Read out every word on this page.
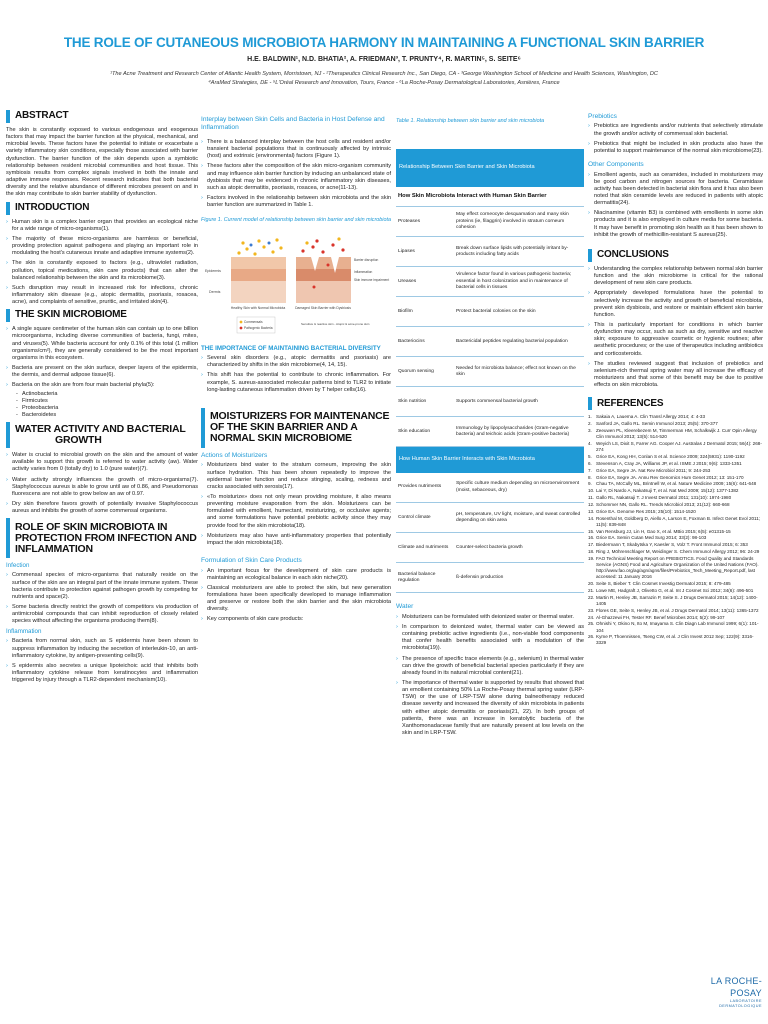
THE ROLE OF CUTANEOUS MICROBIOTA HARMONY IN MAINTAINING A FUNCTIONAL SKIN BARRIER
H.E. BALDWIN¹, N.D. BHATIA², A. FRIEDMAN³, T. PRUNTY⁴, R. MARTIN⁵, S. SEITE⁶
¹The Acne Treatment and Research Center of Atlantic Health System, Morristown, NJ - ²Therapeutics Clinical Research Inc., San Diego, CA - ³George Washington School of Medicine and Health Sciences, Washington, DC
⁴AraMed Strategies, DE - ⁵L'Oréal Research and Innovation, Tours, France - ⁶La Roche-Posay Dermatological Laboratories, Asnières, France
ABSTRACT

The skin is constantly exposed to various endogenous and exogenous factors that may impact the barrier function at the physical, mechanical, and microbial levels. These factors have the potential to initiate or exacerbate a variety inflammatory skin conditions, especially those associated with barrier dysfunction. The barrier function of the skin depends upon a symbiotic relationship between resident microbial communities and host tissue. This symbiosis results from complex signals involved in both the innate and adaptive immune responses. Recent research indicates that both bacterial diversity and the relative abundance of different microbes present on and in the skin may contribute to skin barrier stability of dysfunction.

INTRODUCTION
› Human skin is a complex barrier organ that provides an ecological niche for a wide range of micro-organisms(1).
› The majority of these micro-organisms are harmless or beneficial, providing protection against pathogens and playing an important role in modulating the host's cutaneous innate and adaptive immune systems(2).
› The skin is constantly exposed to factors (e.g., ultraviolet radiation, pollution, topical medications, skin care products) that can alter the balanced relationship between the skin and its microbiome(3).
› Such disruption may result in increased risk for infections, chronic inflammatory skin disease (e.g., atopic dermatitis, psoriasis, rosacea, acne), and complaints of sensitive, pruritic, and irritated skin(4).
THE SKIN MICROBIOME
› A single square centimeter of the human skin can contain up to one billion microorganisms, including diverse communities of bacteria, fungi, mites, and viruses(5). While bacteria account for only 0.1% of this total (1 million organisms/cm²), they are generally considered to be the most important organisms in this ecosystem.
› Bacteria are present on the skin surface, deeper layers of the epidermis, the dermis, and dermal adipose tissue(6).
› Bacteria on the skin are from four main bacterial phyla(5):
- Actinobacteria
- Firmicutes
- Proteobacteria
- Bacteroidetes
WATER ACTIVITY AND BACTERIAL
GROWTH
› Water is crucial to microbial growth on the skin and the amount of water available to support this growth is referred to water activity (aw). Water activity varies from 0 (totally dry) to 1.0 (pure water)(7).
› Water activity strongly influences the growth of micro-organisms(7). Staphylococcus aureus is able to grow until aw of 0.86, and Pseudomonas fluorescens are not able to grow below an aw of 0.97.
› Dry skin therefore favors growth of potentially invasive Staphylococcus aureus and inhibits the growth of some commensal organisms.
ROLE OF SKIN MICROBIOTA IN
PROTECTION FROM INFECTION AND
INFLAMMATION
Infection
› Commensal species of micro-organisms that naturally reside on the surface of the skin are an integral part of the innate immune system. These bacteria contribute to protection against pathogen growth by competing for nutrients and space(2).
› Some bacteria directly restrict the growth of competitors via production of antimicrobial compounds that can inhibit reproduction of closely related species without affecting the organisms producing them(8).
Inflammation
› Bacteria from normal skin, such as S epidermis have been shown to suppress inflammation by inducing the secretion of interleukin-10, an anti-inflammatory cytokine, by antigen-presenting cells(9).
› S epidermis also secretes a unique lipoteichoic acid that inhibits both inflammatory cytokine release from keratinocytes and inflammation triggered by injury through a TLR2-dependent mechanism(10).
Interplay between Skin Cells and Bacteria in Host Defense and Inflammation
› There is a balanced interplay between the host cells and resident and/or transient bacterial populations that is continuously affected by intrinsic (host) and extrinsic (environmental) factors (Figure 1).
› These factors alter the composition of the skin micro-organism community and may influence skin barrier function by inducing an unbalanced state of dysbiosis that may be evidenced in chronic inflammatory skin diseases, such as atopic dermatitis, psoriasis, rosacea, or acne(11-13).
› Factors involved in the relationship between skin microbiota and the skin barrier function are summarized in Table 1.
Figure 1. Current model of relationship between skin barrier and skin microbiota
Epidermis
Dermis
Barrier disruption
Inflammation
Skin immune impairment
Healthy Skin with Normal Microbiota	Damaged Skin Barrier with Dysbiosis
Commensals
Pathogenic Bacteria
Sensitive & reactive skin - Atopic & acne-prone skin
THE IMPORTANCE OF MAINTAINING BACTERIAL DIVERSITY
› Several skin disorders (e.g., atopic dermatitis and psoriasis) are characterized by shifts in the skin microbiome(4, 14, 15).
› This shift has the potential to contribute to chronic inflammation. For example, S. aureus-associated molecular patterns bind to TLR2 to initiate long-lasting cutaneous inflammation driven by T helper cells(16).
MOISTURIZERS FOR MAINTENANCE
OF THE SKIN BARRIER AND A
NORMAL SKIN MICROBIOME
Actions of Moisturizers
› Moisturizers bind water to the stratum corneum, improving the skin surface hydration. This has been shown repeatedly to improve the epidermal barrier function and reduce stinging, scaling, redness and cracks associated with xerosis(17).
› «To moisturize» does not only mean providing moisture, it also means preventing moisture evaporation from the skin. Moisturizers can be formulated with emollient, humectant, moisturizing, or occlusive agents; and some formulations have potential prebiotic activity since they may provide food for the skin microbiota(18).
› Moisturizers may also have anti-inflammatory properties that potentially impact the skin microbiota(18).
Formulation of Skin Care Products
› An important focus for the development of skin care products is maintaining an ecological balance in each skin niche(20).
› Classical moisturizers are able to protect the skin, but new generation formulations have been specifically developed to manage inflammation and preserve or restore both the skin barrier and the skin microbiota diversity.
› Key components of skin care products:
Table 1. Relationship between skin barrier and skin microbiota
Relationship Between Skin Barrier and Skin Microbiota	
How Skin Microbiota Interact with Human Skin Barrier	
Proteases	May effect corneocyte desquamation and many skin proteins (ie, filaggrin) involved in stratum corneum cohesion
Lipases	Break down surface lipids with potentially irritant by-products including fatty acids
Ureases	Virulence factor found in various pathogenic bacteria; essential in host colonization and in maintenance of bacterial cells in tissues
Biofilm	Protect bacterial colonies on the skin
Bacteriocins	Bactericidal peptides regulating bacterial population
Quorum sensing	Needed for microbiota balance; effect not known on the skin
Skin nutrition	Supports commensal bacterial growth
Skin education	Immunology by lipopolysaccharides (Gram-negative bacteria) and teichoic acids (Gram-positive bacteria)
How Human Skin Barrier Interacts with Skin Microbiota	
Provides nutriments	Specific culture medium depending on microenvironment (moist, sebaceous, dry)
Control climate	pH, temperature, UV light, moisture, and sweat controlled depending on skin area
Climate and nutriments	Counter-select bacteria growth
Bacterial balance regulation	ß-defensin production
Water
› Moisturizers can be formulated with deionized water or thermal water.
› In comparison to deionized water, thermal water can be viewed as containing prebiotic active ingredients (i.e., non-viable food components that confer health benefits associated with a modulation of the microbiota(19)).
› The presence of specific trace elements (e.g., selenium) in thermal water can drive the growth of beneficial bacterial species particularly if they are already found in its natural microbial content(21).
› The importance of thermal water is supported by results that showed that an emollient containing 50% La Roche-Posay thermal spring water (LRP-TSW) or the use of LRP-TSW alone during balneotherapy reduced disease severity and increased the diversity of skin microbiota in patients with either atopic dermatitis or psoriasis(21, 22). In both groups of patients, there was an increase in keratolytic bacteria of the Xanthomonadaceae family that are naturally present at low levels on the skin and in LRP-TSW.
Prebiotics
› Prebiotics are ingredients and/or nutrients that selectively stimulate the growth and/or activity of commensal skin bacterial.
› Prebiotics that might be included in skin products also have the potential to support maintenance of the normal skin microbiome(23).
Other Components
› Emollient agents, such as ceramides, included in moisturizers may be good carbon and nitrogen sources for bacteria. Ceramidase activity has been detected in bacterial skin flora and it has also been noted that skin ceramide levels are reduced in patients with atopic dermatitis(24).
› Niacinamine (vitamin B3) is combined with emollients in some skin products and it is also employed in culture media for some bacteria. It may have benefit in promoting skin health as it has been shown to inhibit the growth of methicillin-resistant S aureus(25).
CONCLUSIONS
› Understanding the complex relationship between normal skin barrier function and the skin microbiome is critical for the rational development of new skin care products.
› Appropriately developed formulations have the potential to selectively increase the activity and growth of beneficial microbiota, prevent skin dysbiosis, and restore or maintain efficient skin barrier function.
› This is particularly important for conditions in which barrier dysfunction may occur, such as such as dry, sensitive and reactive skin; exposure to aggressive cosmetic or hygienic routines; after aesthetic procedures; or the use of therapeutics including antibiotics and corticosteroids.
› The studies reviewed suggest that inclusion of prebiotics and selenium-rich thermal spring water may all increase the efficacy of moisturizers and that some of this benefit may be due to positive effects on skin microbiota.
REFERENCES
1. Sakaia A, Lauema A. Clin Transl Allergy 2014; 4: 4-33
2. Sanford JA, Gallo RL. Semin Immunol 2013; 25(5): 370-377
3. Zeeuwen PL, Kleerebezem M, Timmerman HM, Schalkwijk J. Curr Opin Allergy Clin Immunol 2013; 13(5): 514-520
4. Weyich LS, Dixit S, Farrer AG. Cooper AJ. Australas J Dermatol 2015; 56(4): 268-274
5. Grice EA, Kong HH, Conlan S et al. Science 2009; 324(5931): 1190-1192
6. Stevenson A, Cray JA, Williams JP, et al. ISME J 2015; 9(6): 1333-1351
7. Grice EA, Segre JA. Nat Rev Microbiol 2011; 9: 244-253
8. Grice EA, Segre JA. Annu Rev Genomics Hum Genet 2012; 13: 151-170
9. Chau TA, McCully ML, Brintnell W, et al. Nature Medicine 2009; 15(6): 641-648
10. Lai Y, Di Nardo A, Nakatsuji T, et al. Nat Med 2009; 15(12): 1377-1382
11. Gallo RL, Nakatsuji T. J Invest Dermatol 2011; 131(10): 1974-1980
12. Schommer NN, Gallo RL. Trends Microbiol 2013; 21(12): 660-668
13. Grice EA. Genome Res 2015; 25(10): 1514-1520
14. Rosenthal M, Goldberg D, Aiello A, Larson E, Foxman B. Infect Genet Evol 2011; 11(5): 839-848
15. Van Rensburg JJ, Lin H, Gao X, et al. MBio 2015; 6(5): e01315-15
16. Grice EA. Semin Cutan Med Surg 2014; 33(2): 98-103
17. Biedermann T, Skabytska Y, Kaesler S, Volz T. Front Immunol 2015; 6: 353
18. Ring J, Möhrenschlager M, Weidinger S. Chem Immunol Allergy 2012; 96: 24-29
19. FAO Technical Meeting Report on PREBIOTICS. Food Quality and Standards Service (AGNS) Food and Agriculture Organization of the United Nations (FAO). http://www.fao.org/ag/agn/agns/files/Prebiotics_Tech_Meeting_Report.pdf, last accessed: 11 January 2016
20. Seite S, Bieber T. Clin Cosmet Investig Dermatol 2015; 8: 479-485
21. Lowe ME, Hadgraft J, Olivetto G, et al. Int J Cosmet Sci 2012; 34(6): 496-501
22. Martin R, Henley JB, Sarrazin P, Seite S. J Drugs Dermatol 2015; 14(12): 1400-1405
23. Flores GE, Seite S, Henley JB, et al. J Drugs Dermatol 2014; 13(11): 1365-1372
24. Al-Ghazzewi FH, Tester RF. Benef Microbes 2014; 5(2): 99-107
25. Ohnishi Y, Okino N, Ito M, Imayama S. Clin Diagn Lab Immunol 1999; 6(1): 101-104
26. Kyme P, Thoennissen, Tseng CW, et al. J Clin Invest 2012 Sep; 122(9): 3316-3329
LA ROCHE-POSAY
LABORATOIRE DERMATOLOGIQUE
